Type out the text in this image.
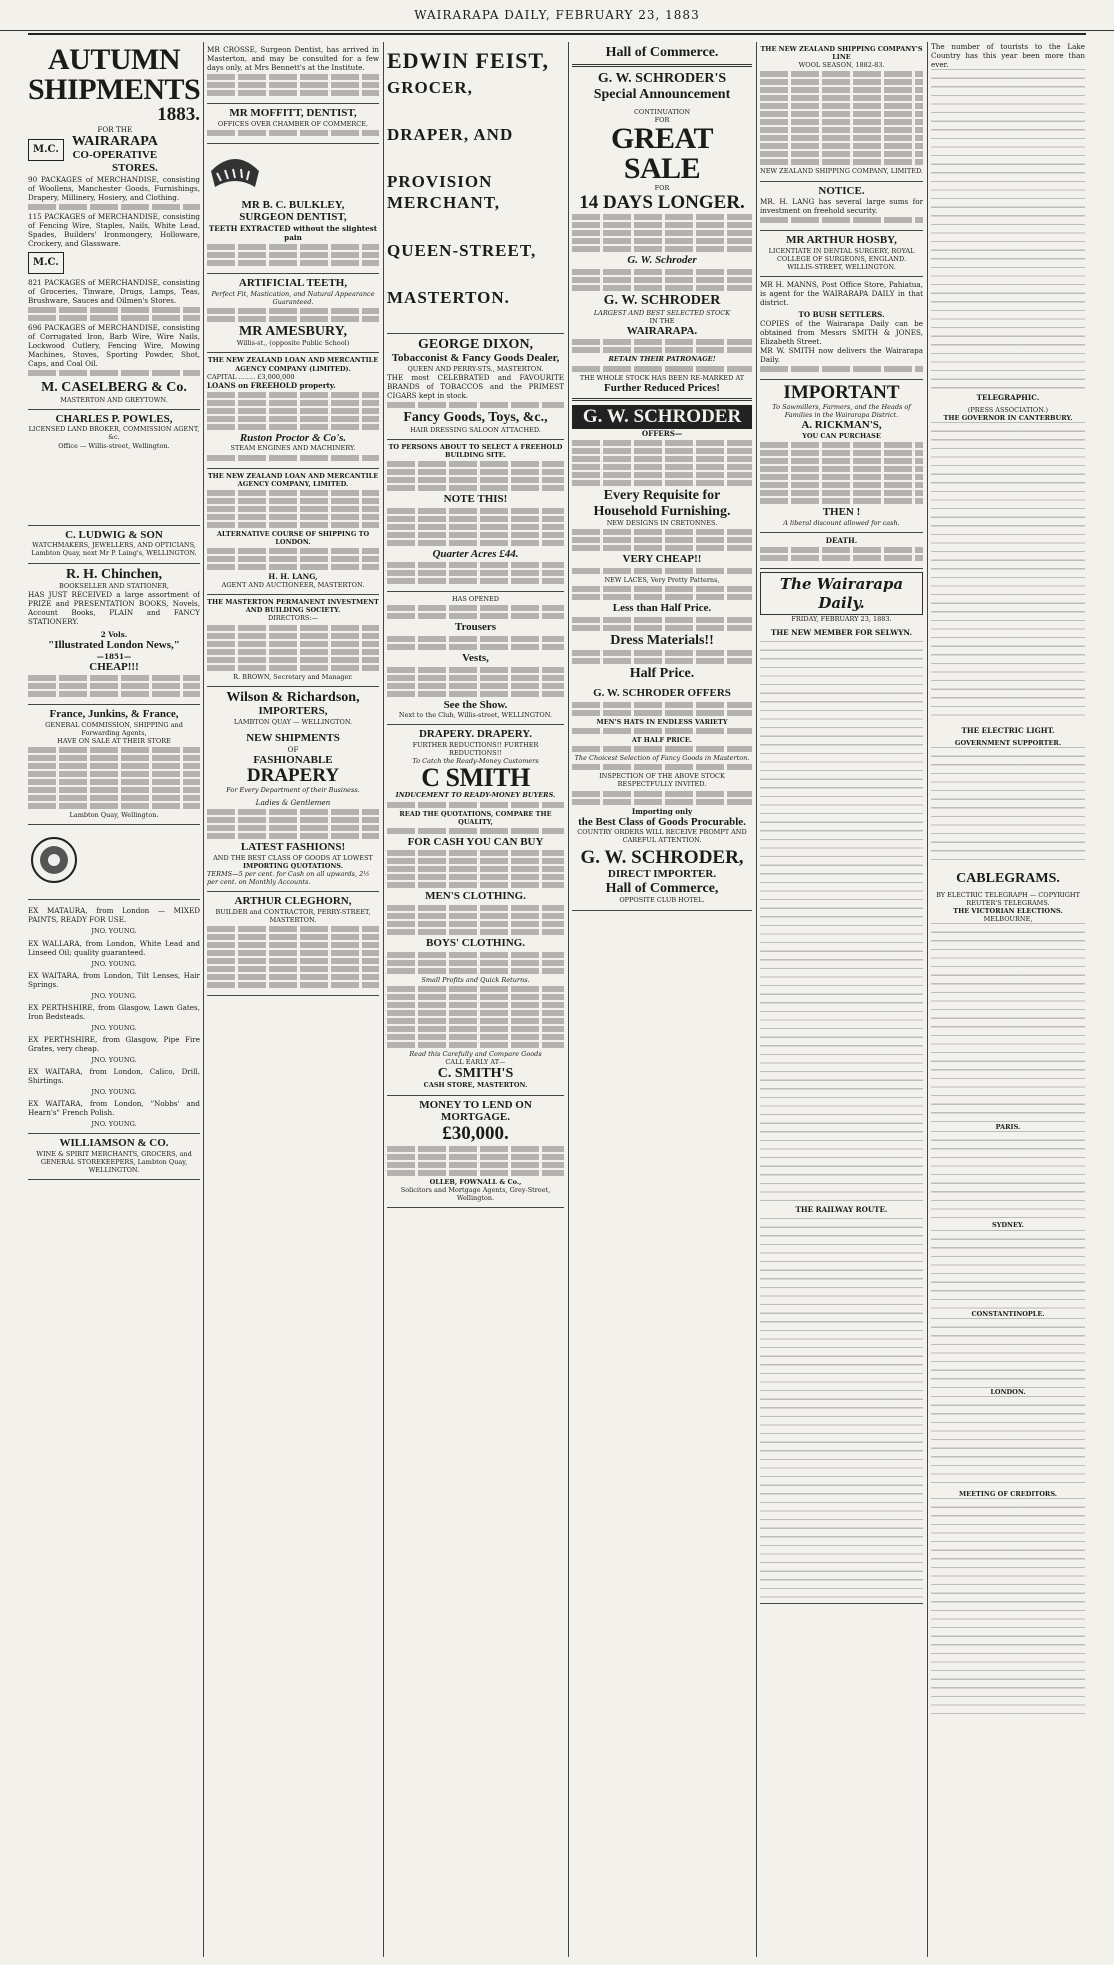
WAIRARAPA DAILY, FEBRUARY 23, 1883
AUTUMN
SHIPMENTS
1883.
M.C.
FOR THE
WAIRARAPA
CO-OPERATIVE
STORES.
90 PACKAGES of MERCHANDISE, consisting of Woollens, Manchester Goods, Furnishings, Drapery, Millinery, Hosiery, and Clothing.
115 PACKAGES of MERCHANDISE, consisting of Fencing Wire, Staples, Nails, White Lead, Spades, Builders' Ironmongery, Holloware, Crockery, and Glassware.
M.C.
821 PACKAGES of MERCHANDISE, consisting of Groceries, Tinware, Drugs, Lamps, Teas, Brushware, Sauces and Oilmen's Stores.
696 PACKAGES of MERCHANDISE, consisting of Corrugated Iron, Barb Wire, Wire Nails, Lockwood Cutlery, Fencing Wire, Mowing Machines, Stoves, Sporting Powder, Shot, Caps, and Coal Oil.
M. CASELBERG & Co.
MASTERTON AND GREYTOWN.
CHARLES P. POWLES,
LICENSED LAND BROKER, COMMISSION AGENT, &c.
Office — Willis-street, Wellington.
C. LUDWIG & SON
WATCHMAKERS, JEWELLERS, AND OPTICIANS,
Lambton Quay, next Mr P. Laing's, WELLINGTON.
R. H. Chinchen,
BOOKSELLER AND STATIONER,
HAS JUST RECEIVED a large assortment of PRIZE and PRESENTATION BOOKS, Novels, Account Books, PLAIN and FANCY STATIONERY.
2 Vols.
"Illustrated London News,"
—1851—
CHEAP!!!
France, Junkins, & France,
GENERAL COMMISSION, SHIPPING and Forwarding Agents,
HAVE ON SALE AT THEIR STORE
Lambton Quay, Wellington.
EX MATAURA, from London — MIXED PAINTS, READY FOR USE.
JNO. YOUNG.
EX WALLARA, from London, White Lead and Linseed Oil; quality guaranteed.
JNO. YOUNG.
EX WAITARA, from London, Tilt Lenses, Hair Springs.
JNO. YOUNG.
EX PERTHSHIRE, from Glasgow, Lawn Gates, Iron Bedsteads.
JNO. YOUNG.
EX PERTHSHIRE, from Glasgow, Pipe Fire Grates, very cheap.
JNO. YOUNG.
EX WAITARA, from London, Calico, Drill, Shirtings.
JNO. YOUNG.
EX WAITARA, from London, "Nobbs' and Hearn's" French Polish.
JNO. YOUNG.
WILLIAMSON & CO.
WINE & SPIRIT MERCHANTS, GROCERS, and GENERAL STOREKEEPERS, Lambton Quay, WELLINGTON.
MR CROSSE, Surgeon Dentist, has arrived in Masterton, and may be consulted for a few days only, at Mrs Bennett's at the Institute.
MR MOFFITT, DENTIST,
OFFICES OVER CHAMBER OF COMMERCE.
MR B. C. BULKLEY,
SURGEON DENTIST,
TEETH EXTRACTED without the slightest pain
ARTIFICIAL TEETH,
Perfect Fit, Mastication, and Natural Appearance Guaranteed.
MR AMESBURY,
Willis-st., (opposite Public School)
THE NEW ZEALAND LOAN AND MERCANTILE AGENCY COMPANY (LIMITED).
CAPITAL ........ £3,000,000
LOANS on FREEHOLD property.
Ruston Proctor & Co's.
STEAM ENGINES AND MACHINERY.
THE NEW ZEALAND LOAN AND MERCANTILE AGENCY COMPANY, LIMITED.
ALTERNATIVE COURSE OF SHIPPING TO LONDON.
H. H. LANG,
AGENT AND AUCTIONEER, MASTERTON.
THE MASTERTON PERMANENT INVESTMENT AND BUILDING SOCIETY.
DIRECTORS:—
R. BROWN, Secretary and Manager.
Wilson & Richardson,
IMPORTERS,
LAMBTON QUAY — WELLINGTON.
NEW SHIPMENTS
OF
FASHIONABLE
DRAPERY
For Every Department of their Business.
Ladies & Gentlemen
LATEST FASHIONS!
AND THE BEST CLASS OF GOODS AT LOWEST
IMPORTING QUOTATIONS.
TERMS—5 per cent. for Cash on all upwards, 2½ per cent. on Monthly Accounts.
ARTHUR CLEGHORN,
BUILDER and CONTRACTOR, PERRY-STREET, MASTERTON.
EDWIN FEIST,
GROCER,
DRAPER, AND
PROVISION MERCHANT,
QUEEN-STREET,
MASTERTON.
GEORGE DIXON,
Tobacconist & Fancy Goods Dealer,
QUEEN AND PERRY-STS., MASTERTON.
THE most CELEBRATED and FAVOURITE BRANDS of TOBACCOS and the PRIMEST CIGARS kept in stock.
Fancy Goods, Toys, &c.,
HAIR DRESSING SALOON ATTACHED.
TO PERSONS ABOUT TO SELECT A FREEHOLD BUILDING SITE.
NOTE THIS!
Quarter Acres £44.
HAS OPENED
Trousers
Vests,
See the Show.
Next to the Club, Willis-street, WELLINGTON.
DRAPERY. DRAPERY.
FURTHER REDUCTIONS!! FURTHER REDUCTIONS!!
To Catch the Ready-Money Customers
C SMITH
INDUCEMENT TO READY-MONEY BUYERS.
READ THE QUOTATIONS, COMPARE THE QUALITY,
FOR CASH YOU CAN BUY
MEN'S CLOTHING.
BOYS' CLOTHING.
Small Profits and Quick Returns.
Read this Carefully and Compare Goods
CALL EARLY AT—
C. SMITH'S
CASH STORE, MASTERTON.
MONEY TO LEND ON MORTGAGE.
£30,000.
OLLEB, FOWNALL & Co.,
Solicitors and Mortgage Agents, Grey-Street, Wellington.
Hall of Commerce.
G. W. SCHRODER'S
Special Announcement
CONTINUATION
FOR
GREAT SALE
FOR
14 DAYS LONGER.
G. W. Schroder
G. W. SCHRODER
LARGEST AND BEST SELECTED STOCK
IN THE
WAIRARAPA.
RETAIN THEIR PATRONAGE!
THE WHOLE STOCK HAS BEEN RE-MARKED AT
Further Reduced Prices!
G. W. SCHRODER
OFFERS—
Every Requisite for Household Furnishing.
NEW DESIGNS IN CRETONNES.
VERY CHEAP!!
NEW LACES, Very Pretty Patterns,
Less than Half Price.
Dress Materials!!
Half Price.
G. W. SCHRODER OFFERS
MEN'S HATS IN ENDLESS VARIETY
AT HALF PRICE.
The Choicest Selection of Fancy Goods in Masterton.
INSPECTION OF THE ABOVE STOCK RESPECTFULLY INVITED.
Importing only
the Best Class of Goods Procurable.
COUNTRY ORDERS WILL RECEIVE PROMPT AND CAREFUL ATTENTION.
G. W. SCHRODER,
DIRECT IMPORTER.
Hall of Commerce,
OPPOSITE CLUB HOTEL.
THE NEW ZEALAND SHIPPING COMPANY'S LINE
WOOL SEASON, 1882-83.
NEW ZEALAND SHIPPING COMPANY, LIMITED.
NOTICE.
MR. H. LANG has several large sums for investment on freehold security.
MR ARTHUR HOSBY,
LICENTIATE IN DENTAL SURGERY, ROYAL COLLEGE OF SURGEONS, ENGLAND.
WILLIS-STREET, WELLINGTON.
MR H. MANNS, Post Office Store, Pahiatua, is agent for the WAIRARAPA DAILY in that district.
TO BUSH SETTLERS.
COPIES of the Wairarapa Daily can be obtained from Messrs SMITH & JONES, Elizabeth Street.
MR W. SMITH now delivers the Wairarapa Daily.
IMPORTANT
To Sawmillers, Farmers, and the Heads of Families in the Wairarapa District.
A. RICKMAN'S,
YOU CAN PURCHASE
THEN !
A liberal discount allowed for cash.
DEATH.
The Wairarapa Daily.
FRIDAY, FEBRUARY 23, 1883.
THE NEW MEMBER FOR SELWYN.
THE RAILWAY ROUTE.
The number of tourists to the Lake Country has this year been more than ever.
TELEGRAPHIC.
(PRESS ASSOCIATION.)
THE GOVERNOR IN CANTERBURY.
THE ELECTRIC LIGHT.
GOVERNMENT SUPPORTER.
CABLEGRAMS.
BY ELECTRIC TELEGRAPH — COPYRIGHT
REUTER'S TELEGRAMS.
THE VICTORIAN ELECTIONS.
MELBOURNE,
PARIS.
SYDNEY.
CONSTANTINOPLE.
LONDON.
MEETING OF CREDITORS.
